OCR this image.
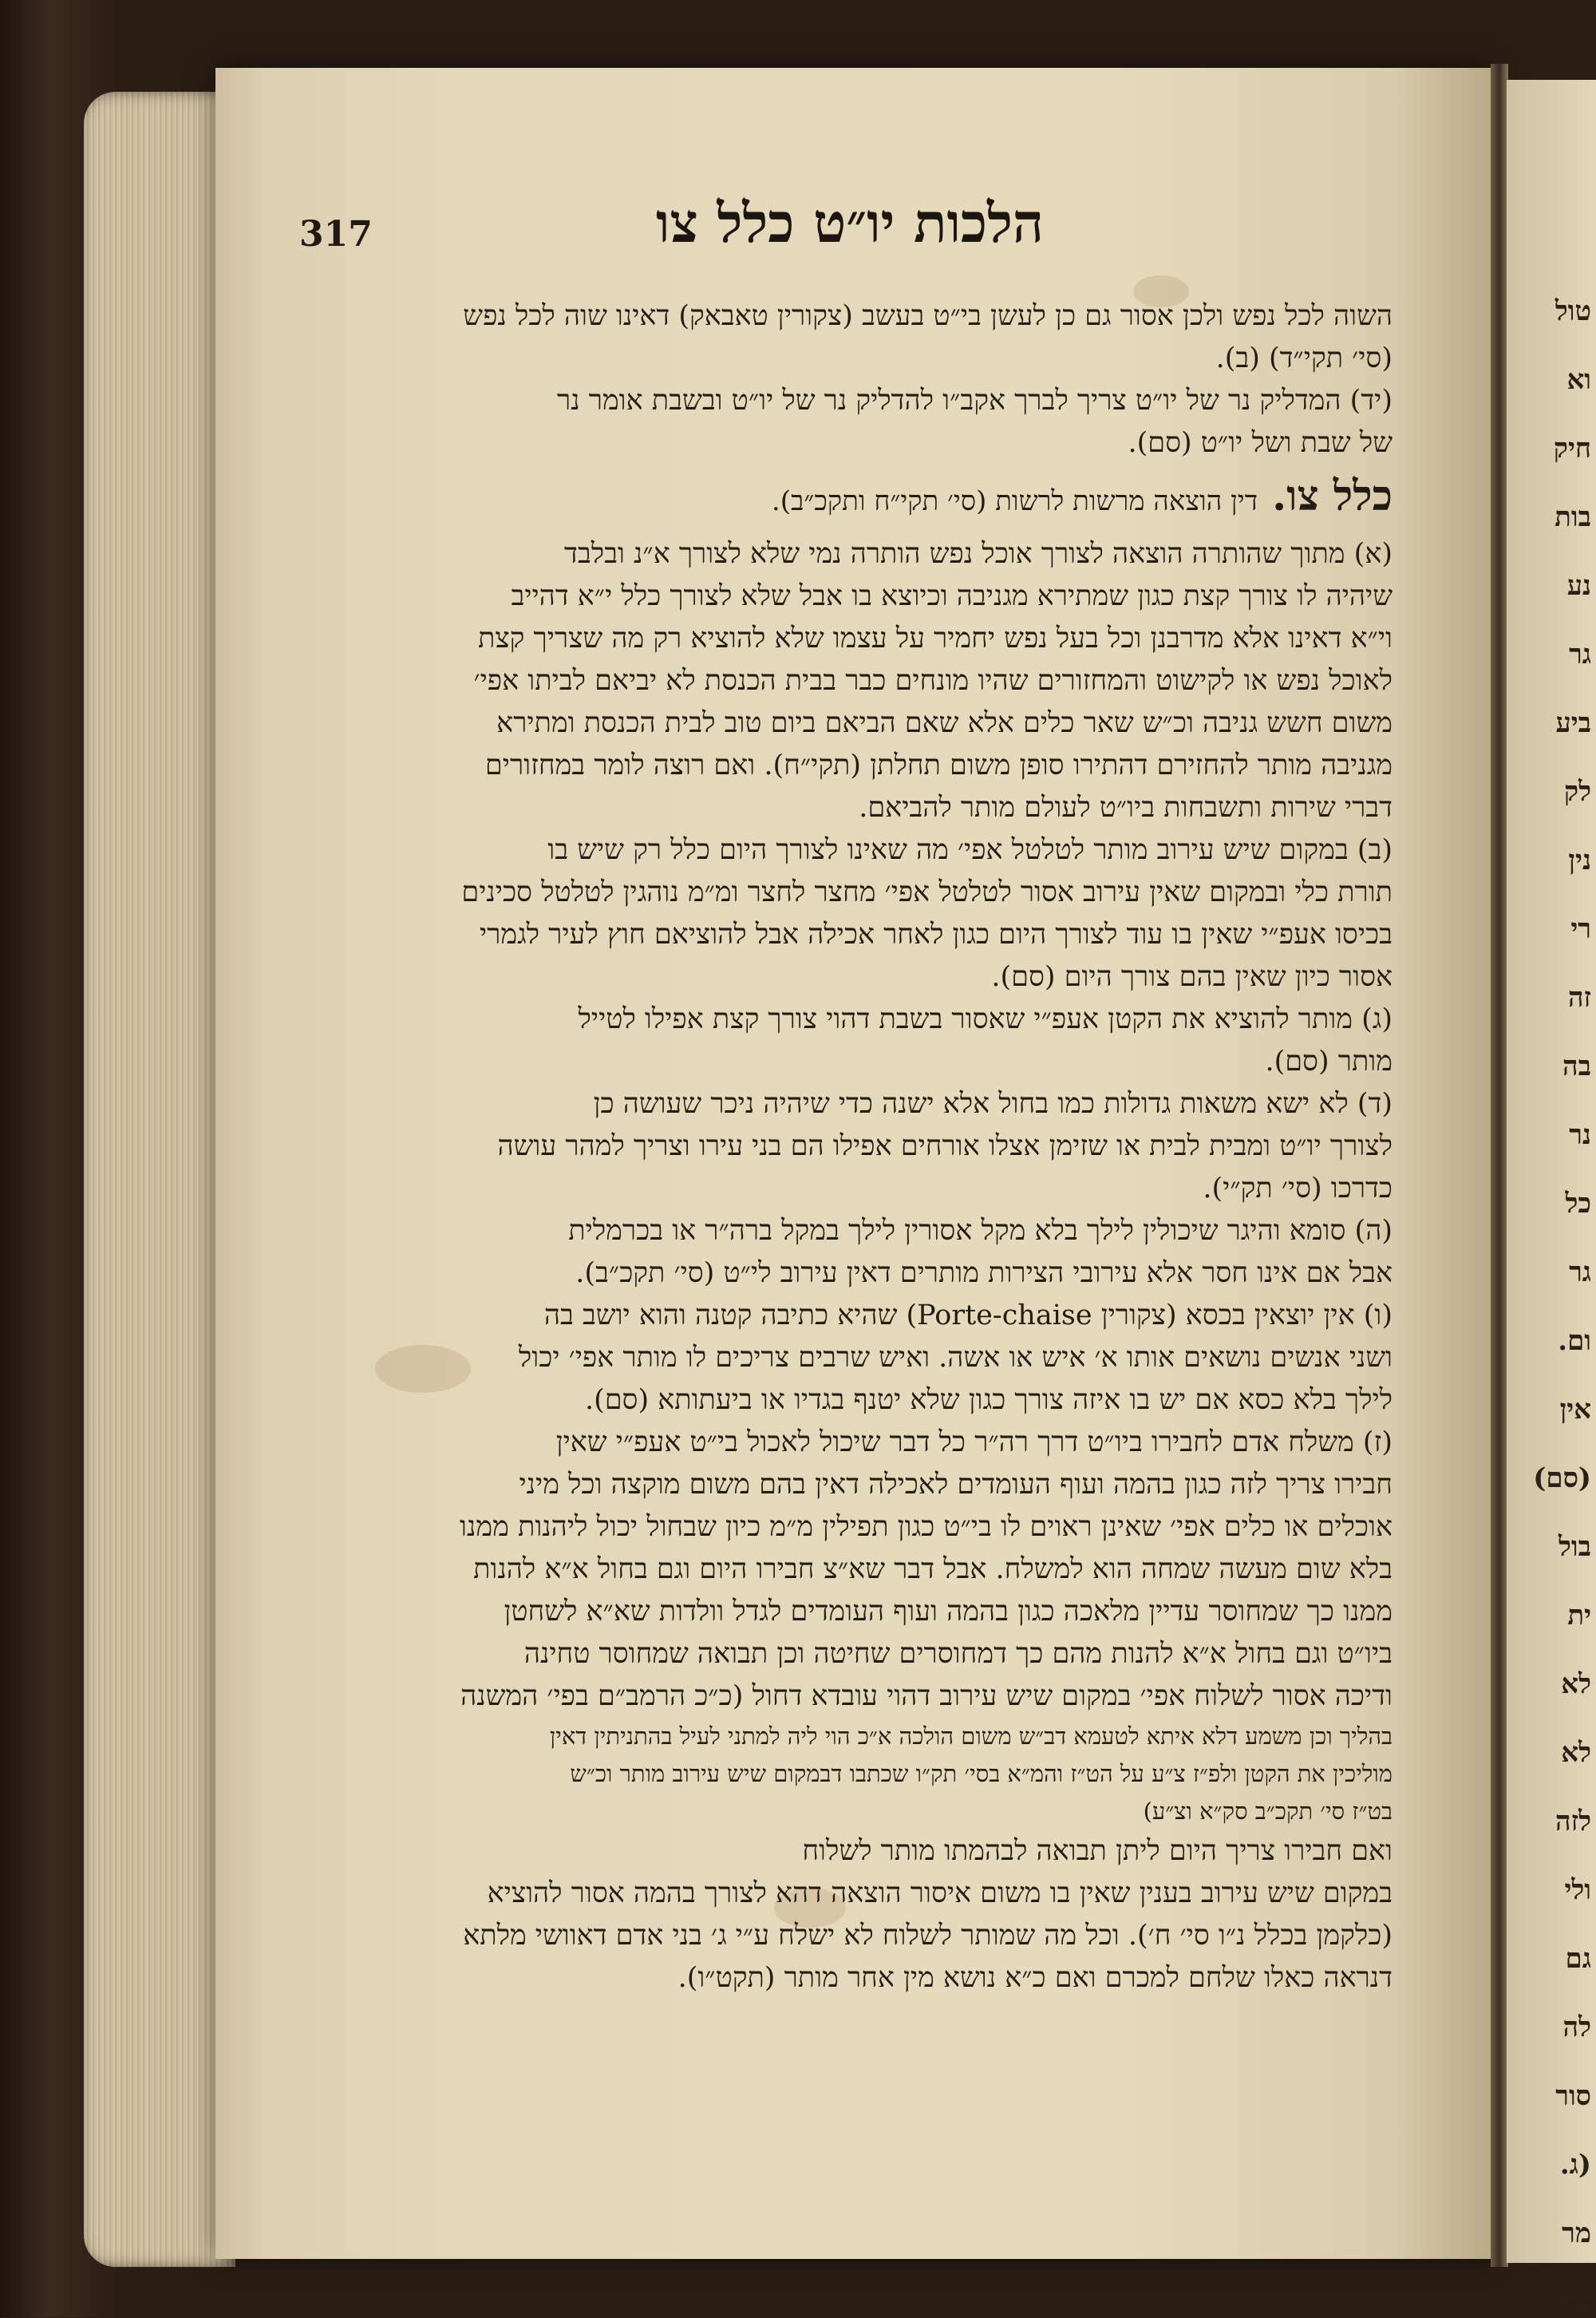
טול
וא
חיק
בות
נע
גר
ביע
לק
נין
רי
זה
בה
נר
כל
גר
ום.
אין
(סם)
בול
ית
לא
לא
לזה
ולי
גם
לה
סור
(ג.
מר
בר
317	הלכות יו״ט כלל צו
השוה לכל נפש ולכן אסור גם כן לעשן בי״ט בעשב (צקורין טאבאק) דאינו שוה לכל נפש
(סי׳ תקי״ד) (ב).
(יד) המדליק נר של יו״ט צריך לברך אקב״ו להדליק נר של יו״ט ובשבת אומר נר
של שבת ושל יו״ט (סם).
כלל צו. דין הוצאה מרשות לרשות (סי׳ תקי״ח ותקכ״ב).
(א) מתוך שהותרה הוצאה לצורך אוכל נפש הותרה נמי שלא לצורך א״נ ובלבד
שיהיה לו צורך קצת כגון שמתירא מגניבה וכיוצא בו אבל שלא לצורך כלל י״א דהייב
וי״א דאינו אלא מדרבנן וכל בעל נפש יחמיר על עצמו שלא להוציא רק מה שצריך קצת
לאוכל נפש או לקישוט והמחזורים שהיו מונחים כבר בבית הכנסת לא יביאם לביתו אפי׳
משום חשש גניבה וכ״ש שאר כלים אלא שאם הביאם ביום טוב לבית הכנסת ומתירא
מגניבה מותר להחזירם דהתירו סופן משום תחלתן (תקי״ח). ואם רוצה לומר במחזורים
דברי שירות ותשבחות ביו״ט לעולם מותר להביאם.
(ב) במקום שיש עירוב מותר לטלטל אפי׳ מה שאינו לצורך היום כלל רק שיש בו
תורת כלי ובמקום שאין עירוב אסור לטלטל אפי׳ מחצר לחצר ומ״מ נוהגין לטלטל סכינים
בכיסו אעפ״י שאין בו עוד לצורך היום כגון לאחר אכילה אבל להוציאם חוץ לעיר לגמרי
אסור כיון שאין בהם צורך היום (סם).
(ג) מותר להוציא את הקטן אעפ״י שאסור בשבת דהוי צורך קצת אפילו לטייל
מותר (סם).
(ד) לא ישא משאות גדולות כמו בחול אלא ישנה כדי שיהיה ניכר שעושה כן
לצורך יו״ט ומבית לבית או שזימן אצלו אורחים אפילו הם בני עירו וצריך למהר עושה
כדרכו (סי׳ תק״י).
(ה) סומא והיגר שיכולין לילך בלא מקל אסורין לילך במקל ברה״ר או בכרמלית
אבל אם אינו חסר אלא עירובי הצירות מותרים דאין עירוב לי״ט (סי׳ תקכ״ב).
(ו) אין יוצאין בכסא (צקורין Porte-chaise) שהיא כתיבה קטנה והוא יושב בה
ושני אנשים נושאים אותו א׳ איש או אשה. ואיש שרבים צריכים לו מותר אפי׳ יכול
לילך בלא כסא אם יש בו איזה צורך כגון שלא יטנף בגדיו או ביעתותא (סם).
(ז) משלח אדם לחבירו ביו״ט דרך רה״ר כל דבר שיכול לאכול בי״ט אעפ״י שאין
חבירו צריך לזה כגון בהמה ועוף העומדים לאכילה דאין בהם משום מוקצה וכל מיני
אוכלים או כלים אפי׳ שאינן ראוים לו בי״ט כגון תפילין מ״מ כיון שבחול יכול ליהנות ממנו
בלא שום מעשה שמחה הוא למשלח. אבל דבר שא״צ חבירו היום וגם בחול א״א להנות
ממנו כך שמחוסר עדיין מלאכה כגון בהמה ועוף העומדים לגדל וולדות שא״א לשחטן
ביו״ט וגם בחול א״א להנות מהם כך דמחוסרים שחיטה וכן תבואה שמחוסר טחינה
ודיכה אסור לשלוח אפי׳ במקום שיש עירוב דהוי עובדא דחול (כ״כ הרמב״ם בפי׳ המשנה
בהליך וכן משמע דלא איתא לטעמא דב״ש משום הולכה א״כ הוי ליה למתני לעיל בהתניתין דאין
מוליכין את הקטן ולפ״ז צ״ע על הט״ז והמ״א בסי׳ תק״ו שכתבו דבמקום שיש עירוב מותר וכ״ש
בט״ז סי׳ תקכ״ב סק״א וצ״ע)
ואם חבירו צריך היום ליתן תבואה לבהמתו מותר לשלוח
במקום שיש עירוב בענין שאין בו משום איסור הוצאה דהא לצורך בהמה אסור להוציא
(כלקמן בכלל נ״ו סי׳ ח׳). וכל מה שמותר לשלוח לא ישלח ע״י ג׳ בני אדם דאוושי מלתא
דנראה כאלו שלחם למכרם ואם כ״א נושא מין אחר מותר (תקט״ו).
